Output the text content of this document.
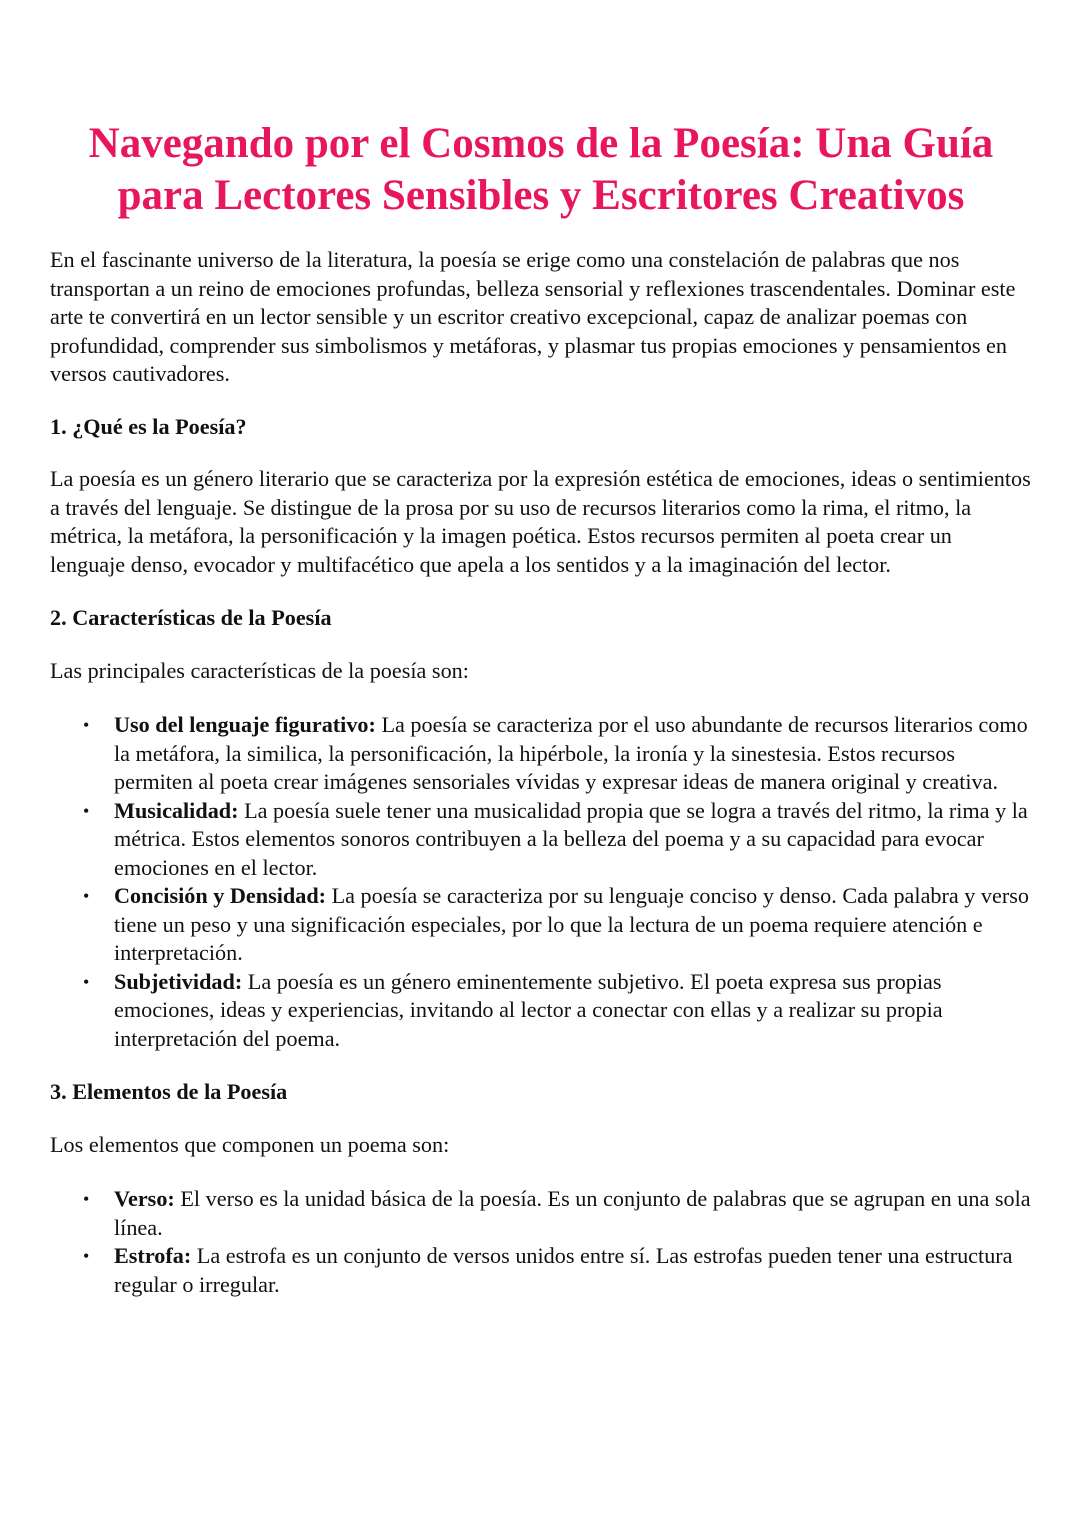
Navegando por el Cosmos de la Poesía: Una Guía para Lectores Sensibles y Escritores Creativos

En el fascinante universo de la literatura, la poesía se erige como una constelación de palabras que nos transportan a un reino de emociones profundas, belleza sensorial y reflexiones trascendentales. Dominar este arte te convertirá en un lector sensible y un escritor creativo excepcional, capaz de analizar poemas con profundidad, comprender sus simbolismos y metáforas, y plasmar tus propias emociones y pensamientos en versos cautivadores.

1. ¿Qué es la Poesía?

La poesía es un género literario que se caracteriza por la expresión estética de emociones, ideas o sentimientos a través del lenguaje. Se distingue de la prosa por su uso de recursos literarios como la rima, el ritmo, la métrica, la metáfora, la personificación y la imagen poética. Estos recursos permiten al poeta crear un lenguaje denso, evocador y multifacético que apela a los sentidos y a la imaginación del lector.

2. Características de la Poesía

Las principales características de la poesía son:

• Uso del lenguaje figurativo: La poesía se caracteriza por el uso abundante de recursos literarios como la metáfora, la similica, la personificación, la hipérbole, la ironía y la sinestesia. Estos recursos permiten al poeta crear imágenes sensoriales vívidas y expresar ideas de manera original y creativa.
• Musicalidad: La poesía suele tener una musicalidad propia que se logra a través del ritmo, la rima y la métrica. Estos elementos sonoros contribuyen a la belleza del poema y a su capacidad para evocar emociones en el lector.
• Concisión y Densidad: La poesía se caracteriza por su lenguaje conciso y denso. Cada palabra y verso tiene un peso y una significación especiales, por lo que la lectura de un poema requiere atención e interpretación.
• Subjetividad: La poesía es un género eminentemente subjetivo. El poeta expresa sus propias emociones, ideas y experiencias, invitando al lector a conectar con ellas y a realizar su propia interpretación del poema.
3. Elementos de la Poesía

Los elementos que componen un poema son:

• Verso: El verso es la unidad básica de la poesía. Es un conjunto de palabras que se agrupan en una sola línea.
• Estrofa: La estrofa es un conjunto de versos unidos entre sí. Las estrofas pueden tener una estructura regular o irregular.
